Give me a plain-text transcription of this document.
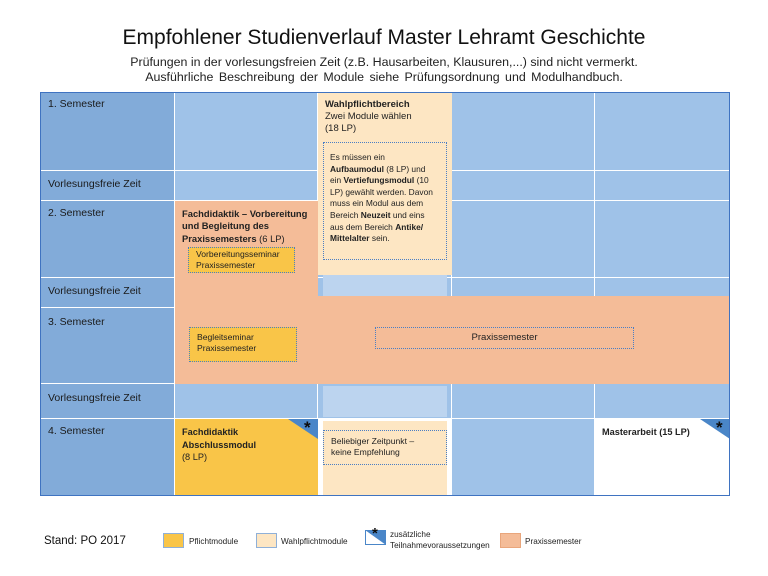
Empfohlener Studienverlauf Master Lehramt Geschichte
Prüfungen in der vorlesungsfreien Zeit (z.B. Hausarbeiten, Klausuren,...) sind nicht vermerkt.
Ausführliche Beschreibung der Module siehe Prüfungsordnung und Modulhandbuch.
1. Semester
Vorlesungsfreie Zeit
2. Semester
Vorlesungsfreie Zeit
3. Semester
Vorlesungsfreie Zeit
4. Semester
Wahlpflichtbereich
Zwei Module wählen
(18 LP)
Es müssen ein
Aufbaumodul (8 LP) und
ein Vertiefungsmodul (10
LP) gewählt werden. Davon
muss ein Modul aus dem
Bereich Neuzeit und eins
aus dem Bereich Antike/
Mittelalter sein.
Fachdidaktik – Vorbereitung
und Begleitung des
Praxissemesters (6 LP)
Vorbereitungsseminar
Praxissemester
Begleitseminar
Praxissemester
Praxissemester
Fachdidaktik
Abschlussmodul
(8 LP)
*
Beliebiger Zeitpunkt –
keine Empfehlung
Masterarbeit (15 LP) *
Stand: PO 2017	Pflichtmodule	Wahlpflichtmodule * zusätzliche
Teilnahmevoraussetzungen	Praxissemester
